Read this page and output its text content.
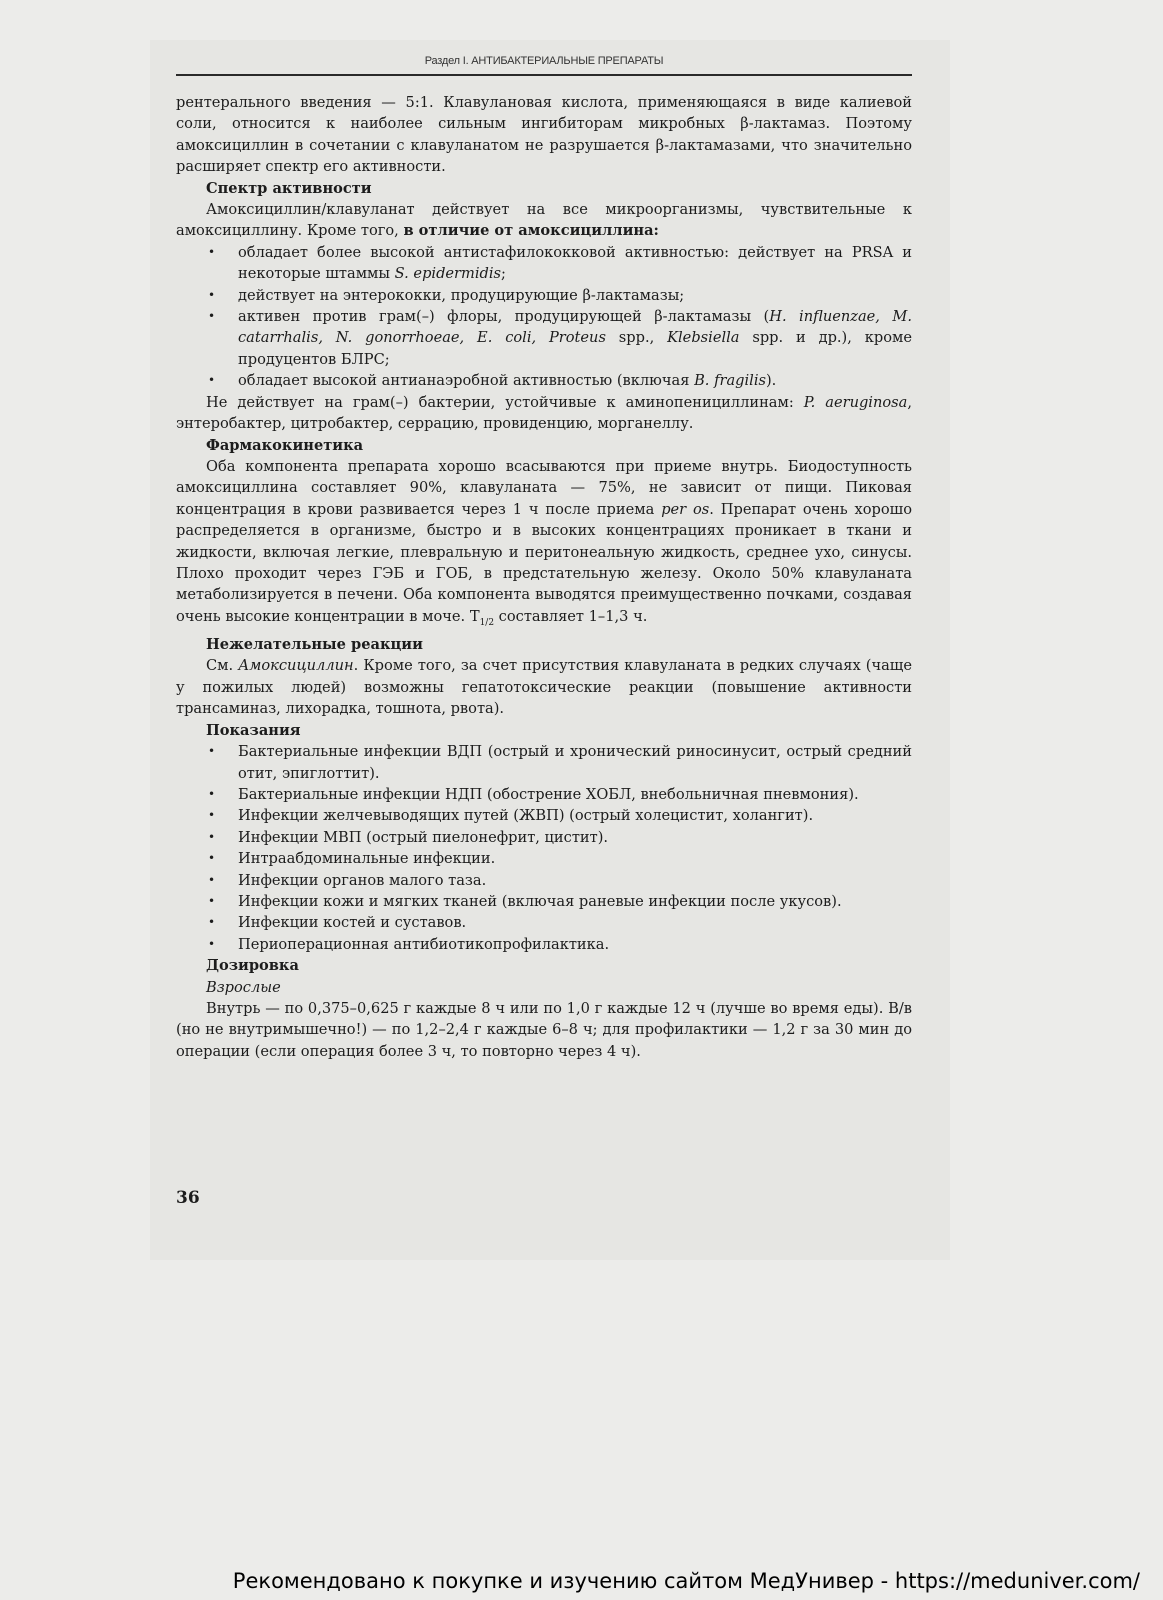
Раздел I. АНТИБАКТЕРИАЛЬНЫЕ ПРЕПАРАТЫ

рентерального введения — 5:1. Клавулановая кислота, применяющаяся в виде калиевой соли, относится к наиболее сильным ингибиторам микробных β-лактамаз. Поэтому амоксициллин в сочетании с клавуланатом не разрушается β-лактамазами, что значительно расширяет спектр его активности.

Спектр активности

Амоксициллин/клавуланат действует на все микроорганизмы, чувствительные к амоксициллину. Кроме того, в отличие от амоксициллина:

• обладает более высокой антистафилококковой активностью: действует на PRSA и некоторые штаммы S. epidermidis;
• действует на энтерококки, продуцирующие β-лактамазы;
• активен против грам(–) флоры, продуцирующей β-лактамазы (H. influenzae, M. catarrhalis, N. gonorrhoeae, E. coli, Proteus spp., Klebsiella spp. и др.), кроме продуцентов БЛРС;
• обладает высокой антианаэробной активностью (включая B. fragilis).

Не действует на грам(–) бактерии, устойчивые к аминопенициллинам: P. aeruginosa, энтеробактер, цитробактер, серрацию, провиденцию, морганеллу.

Фармакокинетика

Оба компонента препарата хорошо всасываются при приеме внутрь. Биодоступность амоксициллина составляет 90%, клавуланата — 75%, не зависит от пищи. Пиковая концентрация в крови развивается через 1 ч после приема per os. Препарат очень хорошо распределяется в организме, быстро и в высоких концентрациях проникает в ткани и жидкости, включая легкие, плевральную и перитонеальную жидкость, среднее ухо, синусы. Плохо проходит через ГЭБ и ГОБ, в предстательную железу. Около 50% клавуланата метаболизируется в печени. Оба компонента выводятся преимущественно почками, создавая очень высокие концентрации в моче. $T_{1/2}$ составляет 1–1,3 ч.

Нежелательные реакции

См. Амоксициллин. Кроме того, за счет присутствия клавуланата в редких случаях (чаще у пожилых людей) возможны гепатотоксические реакции (повышение активности трансаминаз, лихорадка, тошнота, рвота).

Показания

• Бактериальные инфекции ВДП (острый и хронический риносинусит, острый средний отит, эпиглоттит).
• Бактериальные инфекции НДП (обострение ХОБЛ, внебольничная пневмония).
• Инфекции желчевыводящих путей (ЖВП) (острый холецистит, холангит).
• Инфекции МВП (острый пиелонефрит, цистит).
• Интраабдоминальные инфекции.
• Инфекции органов малого таза.
• Инфекции кожи и мягких тканей (включая раневые инфекции после укусов).
• Инфекции костей и суставов.
• Периоперационная антибиотикопрофилактика.

Дозировка

Взрослые

Внутрь — по 0,375–0,625 г каждые 8 ч или по 1,0 г каждые 12 ч (лучше во время еды). В/в (но не внутримышечно!) — по 1,2–2,4 г каждые 6–8 ч; для профилактики — 1,2 г за 30 мин до операции (если операция более 3 ч, то повторно через 4 ч).

36
Рекомендовано к покупке и изучению сайтом МедУнивер - https://meduniver.com/
